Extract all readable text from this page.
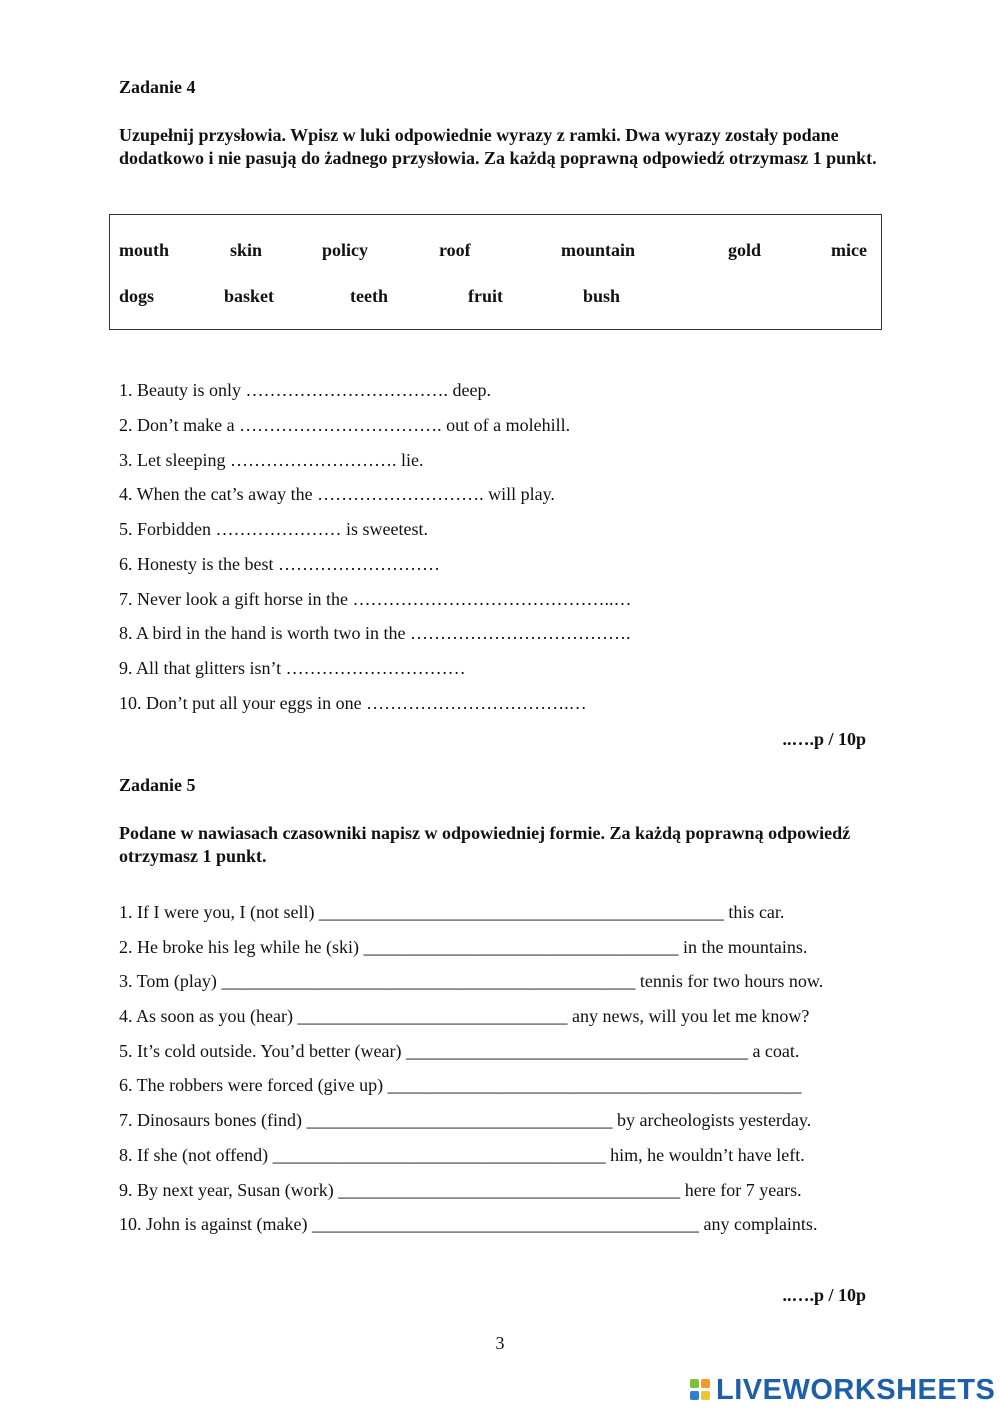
Zadanie 4
Uzupełnij przysłowia. Wpisz w luki odpowiednie wyrazy z ramki. Dwa wyrazy zostały podane dodatkowo i nie pasują do żadnego przysłowia. Za każdą poprawną odpowiedź otrzymasz 1 punkt.
mouth	skin	policy	roof	mountain	gold	mice
dogs	basket	teeth	fruit	bush
1. Beauty is only ……………………………. deep.
2. Don’t make a ……………………………. out of a molehill.
3. Let sleeping ………………………. lie.
4. When the cat’s away the ………………………. will play.
5. Forbidden ………………… is sweetest.
6. Honesty is the best ………………………
7. Never look a gift horse in the ……………………………………..…
8. A bird in the hand is worth two in the ……………………………….
9. All that glitters isn’t …………………………
10. Don’t put all your eggs in one …………………………….…
..….p / 10p
Zadanie 5
Podane w nawiasach czasowniki napisz w odpowiedniej formie. Za każdą poprawną odpowiedź otrzymasz 1 punkt.
1. If I were you, I (not sell) _____________________________________________ this car.
2. He broke his leg while he (ski) ___________________________________ in the mountains.
3. Tom (play) ______________________________________________ tennis for two hours now.
4. As soon as you (hear) ______________________________ any news, will you let me know?
5. It’s cold outside. You’d better (wear) ______________________________________ a coat.
6. The robbers were forced (give up) ______________________________________________
7. Dinosaurs bones (find) __________________________________ by archeologists yesterday.
8. If she (not offend) _____________________________________ him, he wouldn’t have left.
9. By next year, Susan (work) ______________________________________ here for 7 years.
10. John is against (make) ___________________________________________ any complaints.
..….p / 10p
3
LIVEWORKSHEETS
